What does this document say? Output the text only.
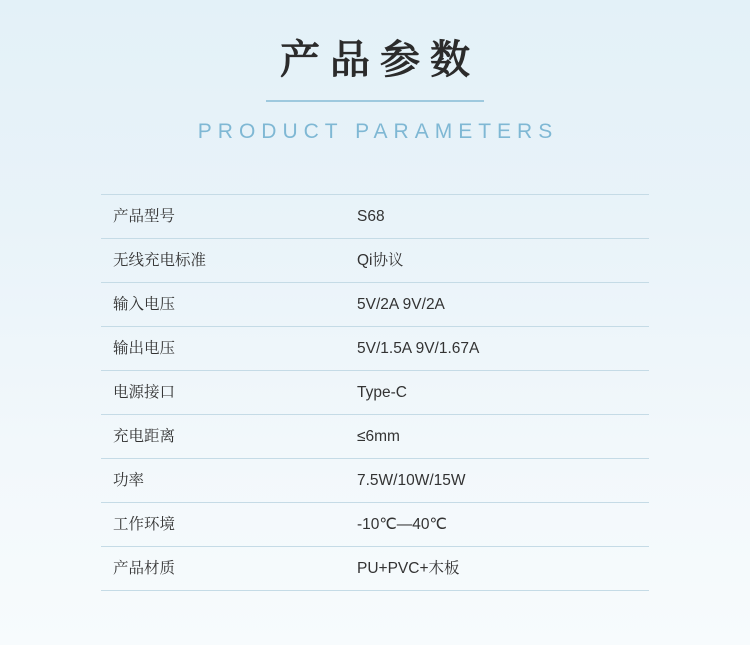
产品参数
PRODUCT PARAMETERS
产品型号	S68
无线充电标准	Qi协议
输入电压	5V/2A 9V/2A
输出电压	5V/1.5A 9V/1.67A
电源接口	Type-C
充电距离	≤6mm
功率	7.5W/10W/15W
工作环境	-10℃—40℃
产品材质	PU+PVC+木板
